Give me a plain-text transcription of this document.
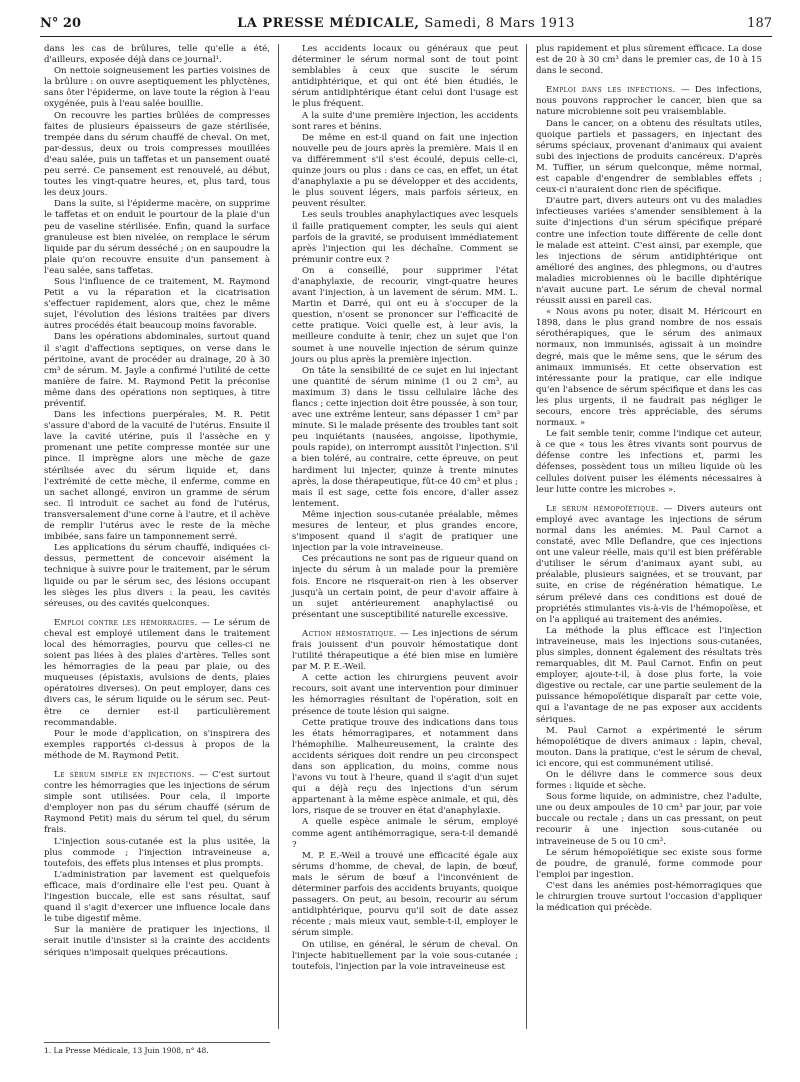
N° 20	LA PRESSE MÉDICALE, Samedi, 8 Mars 1913	187

dans les cas de brûlures, telle qu'elle a été, d'ailleurs, exposée déjà dans ce journal¹.

On nettoie soigneusement les parties voisines de la brûlure : on ouvre aseptiquement les phlyctènes, sans ôter l'épiderme, on lave toute la région à l'eau oxygénée, puis à l'eau salée bouillie.

On recouvre les parties brûlées de compresses faites de plusieurs épaisseurs de gaze stérilisée, trempée dans du sérum chauffé de cheval. On met, par-dessus, deux ou trois compresses mouillées d'eau salée, puis un taffetas et un pansement ouaté peu serré. Ce pansement est renouvelé, au début, toutes les vingt-quatre heures, et, plus tard, tous les deux jours.

Dans la suite, si l'épiderme macère, on supprime le taffetas et on enduit le pourtour de la plaie d'un peu de vaseline stérilisée. Enfin, quand la surface granuleuse est bien nivelée, on remplace le sérum liquide par du sérum desséché ; on en saupoudre la plaie qu'on recouvre ensuite d'un pansement à l'eau salée, sans taffetas.

Sous l'influence de ce traitement, M. Raymond Petit a vu la réparation et la cicatrisation s'effectuer rapidement, alors que, chez le même sujet, l'évolution des lésions traitées par divers autres procédés était beaucoup moins favorable.

Dans les opérations abdominales, surtout quand il s'agit d'affections septiques, on verse dans le péritoine, avant de procéder au drainage, 20 à 30 cm³ de sérum. M. Jayle a confirmé l'utilité de cette manière de faire. M. Raymond Petit la préconise même dans des opérations non septiques, à titre préventif.

Dans les infections puerpérales, M. R. Petit s'assure d'abord de la vacuité de l'utérus. Ensuite il lave la cavité utérine, puis il l'assèche en y promenant une petite compresse montée sur une pince. Il imprègne alors une mèche de gaze stérilisée avec du sérum liquide et, dans l'extrémité de cette mèche, il enferme, comme en un sachet allongé, environ un gramme de sérum sec. Il introduit ce sachet au fond de l'utérus, transversalement d'une corne à l'autre, et il achève de remplir l'utérus avec le reste de la mèche imbibée, sans faire un tamponnement serré.

Les applications du sérum chauffé, indiquées ci-dessus, permettent de concevoir aisément la technique à suivre pour le traitement, par le sérum liquide ou par le sérum sec, des lésions occupant les sièges les plus divers : la peau, les cavités séreuses, ou des cavités quelconques.

Emploi contre les hémorragies. — Le sérum de cheval est employé utilement dans le traitement local des hémorragies, pourvu que celles-ci ne soient pas liées à des plaies d'artères. Telles sont les hémorragies de la peau par plaie, ou des muqueuses (épistaxis, avulsions de dents, plaies opératoires diverses). On peut employer, dans ces divers cas, le sérum liquide ou le sérum sec. Peut-être ce dernier est-il particulièrement recommandable.

Pour le mode d'application, on s'inspirera des exemples rapportés ci-dessus à propos de la méthode de M. Raymond Petit.

Le sérum simple en injections. — C'est surtout contre les hémorragies que les injections de sérum simple sont utilisées. Pour cela, il importe d'employer non pas du sérum chauffé (sérum de Raymond Petit) mais du sérum tel quel, du sérum frais.

L'injection sous-cutanée est la plus usitée, la plus commode ; l'injection intraveineuse a, toutefois, des effets plus intenses et plus prompts.

L'administration par lavement est quelquefois efficace, mais d'ordinaire elle l'est peu. Quant à l'ingestion buccale, elle est sans résultat, sauf quand il s'agit d'exercer une influence locale dans le tube digestif même.

Sur la manière de pratiquer les injections, il serait inutile d'insister si la crainte des accidents sériques n'imposait quelques précautions.

Les accidents locaux ou généraux que peut déterminer le sérum normal sont de tout point semblables à ceux que suscite le sérum antidiphtérique, et qui ont été bien étudiés, le sérum antidiphtérique étant celui dont l'usage est le plus fréquent.

A la suite d'une première injection, les accidents sont rares et bénins.

De même en est-il quand on fait une injection nouvelle peu de jours après la première. Mais il en va différemment s'il s'est écoulé, depuis celle-ci, quinze jours ou plus : dans ce cas, en effet, un état d'anaphylaxie a pu se développer et des accidents, le plus souvent légers, mais parfois sérieux, en peuvent résulter.

Les seuls troubles anaphylactiques avec lesquels il faille pratiquement compter, les seuls qui aient parfois de la gravité, se produisent immédiatement après l'injection qui les déchaîne. Comment se prémunir contre eux ?

On a conseillé, pour supprimer l'état d'anaphylaxie, de recourir, vingt-quatre heures avant l'injection, à un lavement de sérum. MM. L. Martin et Darré, qui ont eu à s'occuper de la question, n'osent se prononcer sur l'efficacité de cette pratique. Voici quelle est, à leur avis, la meilleure conduite à tenir, chez un sujet que l'on soumet à une nouvelle injection de sérum quinze jours ou plus après la première injection.

On tâte la sensibilité de ce sujet en lui injectant une quantité de sérum minime (1 ou 2 cm³, au maximum 3) dans le tissu cellulaire lâche des flancs ; cette injection doit être poussée, à son tour, avec une extrême lenteur, sans dépasser 1 cm³ par minute. Si le malade présente des troubles tant soit peu inquiétants (nausées, angoisse, lipothymie, pouls rapide), on interrompt aussitôt l'injection. S'il a bien toléré, au contraire, cette épreuve, on peut hardiment lui injecter, quinze à trente minutes après, la dose thérapeutique, fût-ce 40 cm³ et plus ; mais il est sage, cette fois encore, d'aller assez lentement.

Même injection sous-cutanée préalable, mêmes mesures de lenteur, et plus grandes encore, s'imposent quand il s'agit de pratiquer une injection par la voie intraveineuse.

Ces précautions ne sont pas de rigueur quand on injecte du sérum à un malade pour la première fois. Encore ne risquerait-on rien à les observer jusqu'à un certain point, de peur d'avoir affaire à un sujet antérieurement anaphylactisé ou présentant une susceptibilité naturelle excessive.

Action hémostatique. — Les injections de sérum frais jouissent d'un pouvoir hémostatique dont l'utilité thérapeutique a été bien mise en lumière par M. P. E.-Weil.

A cette action les chirurgiens peuvent avoir recours, soit avant une intervention pour diminuer les hémorragies résultant de l'opération, soit en présence de toute lésion qui saigne.

Cette pratique trouve des indications dans tous les états hémorragipares, et notamment dans l'hémophilie. Malheureusement, la crainte des accidents sériques doit rendre un peu circonspect dans son application, du moins, comme nous l'avons vu tout à l'heure, quand il s'agit d'un sujet qui a déjà reçu des injections d'un sérum appartenant à la même espèce animale, et qui, dès lors, risque de se trouver en état d'anaphylaxie.

A quelle espèce animale le sérum, employé comme agent antihémorragique, sera-t-il demandé ?

M. P. E.-Weil a trouvé une efficacité égale aux sérums d'homme, de cheval, de lapin, de bœuf, mais le sérum de bœuf a l'inconvénient de déterminer parfois des accidents bruyants, quoique passagers. On peut, au besoin, recourir au sérum antidiphtérique, pourvu qu'il soit de date assez récente ; mais mieux vaut, semble-t-il, employer le sérum simple.

On utilise, en général, le sérum de cheval. On l'injecte habituellement par la voie sous-cutanée ; toutefois, l'injection par la voie intraveineuse est

plus rapidement et plus sûrement efficace. La dose est de 20 à 30 cm³ dans le premier cas, de 10 à 15 dans le second.

Emploi dans les infections. — Des infections, nous pouvons rapprocher le cancer, bien que sa nature microbienne soit peu vraisemblable.

Dans le cancer, on a obtenu des résultats utiles, quoique partiels et passagers, en injectant des sérums spéciaux, provenant d'animaux qui avaient subi des injections de produits cancéreux. D'après M. Tuffier, un sérum quelconque, même normal, est capable d'engendrer de semblables effets ; ceux-ci n'auraient donc rien de spécifique.

D'autre part, divers auteurs ont vu des maladies infectieuses variées s'amender sensiblement à la suite d'injections d'un sérum spécifique préparé contre une infection toute différente de celle dont le malade est atteint. C'est ainsi, par exemple, que les injections de sérum antidiphtérique ont amélioré des angines, des phlegmons, ou d'autres maladies microbiennes où le bacille diphtérique n'avait aucune part. Le sérum de cheval normal réussit aussi en pareil cas.

« Nous avons pu noter, disait M. Héricourt en 1898, dans le plus grand nombre de nos essais sérothérapiques, que le sérum des animaux normaux, non immunisés, agissait à un moindre degré, mais que le même sens, que le sérum des animaux immunisés. Et cette observation est intéressante pour la pratique, car elle indique qu'en l'absence de sérum spécifique et dans les cas les plus urgents, il ne faudrait pas négliger le secours, encore très appréciable, des sérums normaux. »

Le fait semble tenir, comme l'indique cet auteur, à ce que « tous les êtres vivants sont pourvus de défense contre les infections et, parmi les défenses, possèdent tous un milieu liquide où les cellules doivent puiser les éléments nécessaires à leur lutte contre les microbes ».

Le sérum hémopoïétique. — Divers auteurs ont employé avec avantage les injections de sérum normal dans les anémies. M. Paul Carnot a constaté, avec Mlle Deflandre, que ces injections ont une valeur réelle, mais qu'il est bien préférable d'utiliser le sérum d'animaux ayant subi, au préalable, plusieurs saignées, et se trouvant, par suite, en crise de régénération hématique. Le sérum prélevé dans ces conditions est doué de propriétés stimulantes vis-à-vis de l'hémopoïèse, et on l'a appliqué au traitement des anémies.

La méthode la plus efficace est l'injection intraveineuse, mais les injections sous-cutanées, plus simples, donnent également des résultats très remarquables, dit M. Paul Carnot. Enfin on peut employer, ajoute-t-il, à dose plus forte, la voie digestive ou rectale, car une partie seulement de la puissance hémopoïétique disparaît par cette voie, qui a l'avantage de ne pas exposer aux accidents sériques.

M. Paul Carnot a expérimenté le sérum hémopoïétique de divers animaux : lapin, cheval, mouton. Dans la pratique, c'est le sérum de cheval, ici encore, qui est communément utilisé.

On le délivre dans le commerce sous deux formes : liquide et sèche.

Sous forme liquide, on administre, chez l'adulte, une ou deux ampoules de 10 cm³ par jour, par voie buccale ou rectale ; dans un cas pressant, on peut recourir à une injection sous-cutanée ou intraveineuse de 5 ou 10 cm³.

Le sérum hémopoïétique sec existe sous forme de poudre, de granulé, forme commode pour l'emploi par ingestion.

C'est dans les anémies post-hémorragiques que le chirurgien trouve surtout l'occasion d'appliquer la médication qui précède.

1. La Presse Médicale, 13 Juin 1908, n° 48.
